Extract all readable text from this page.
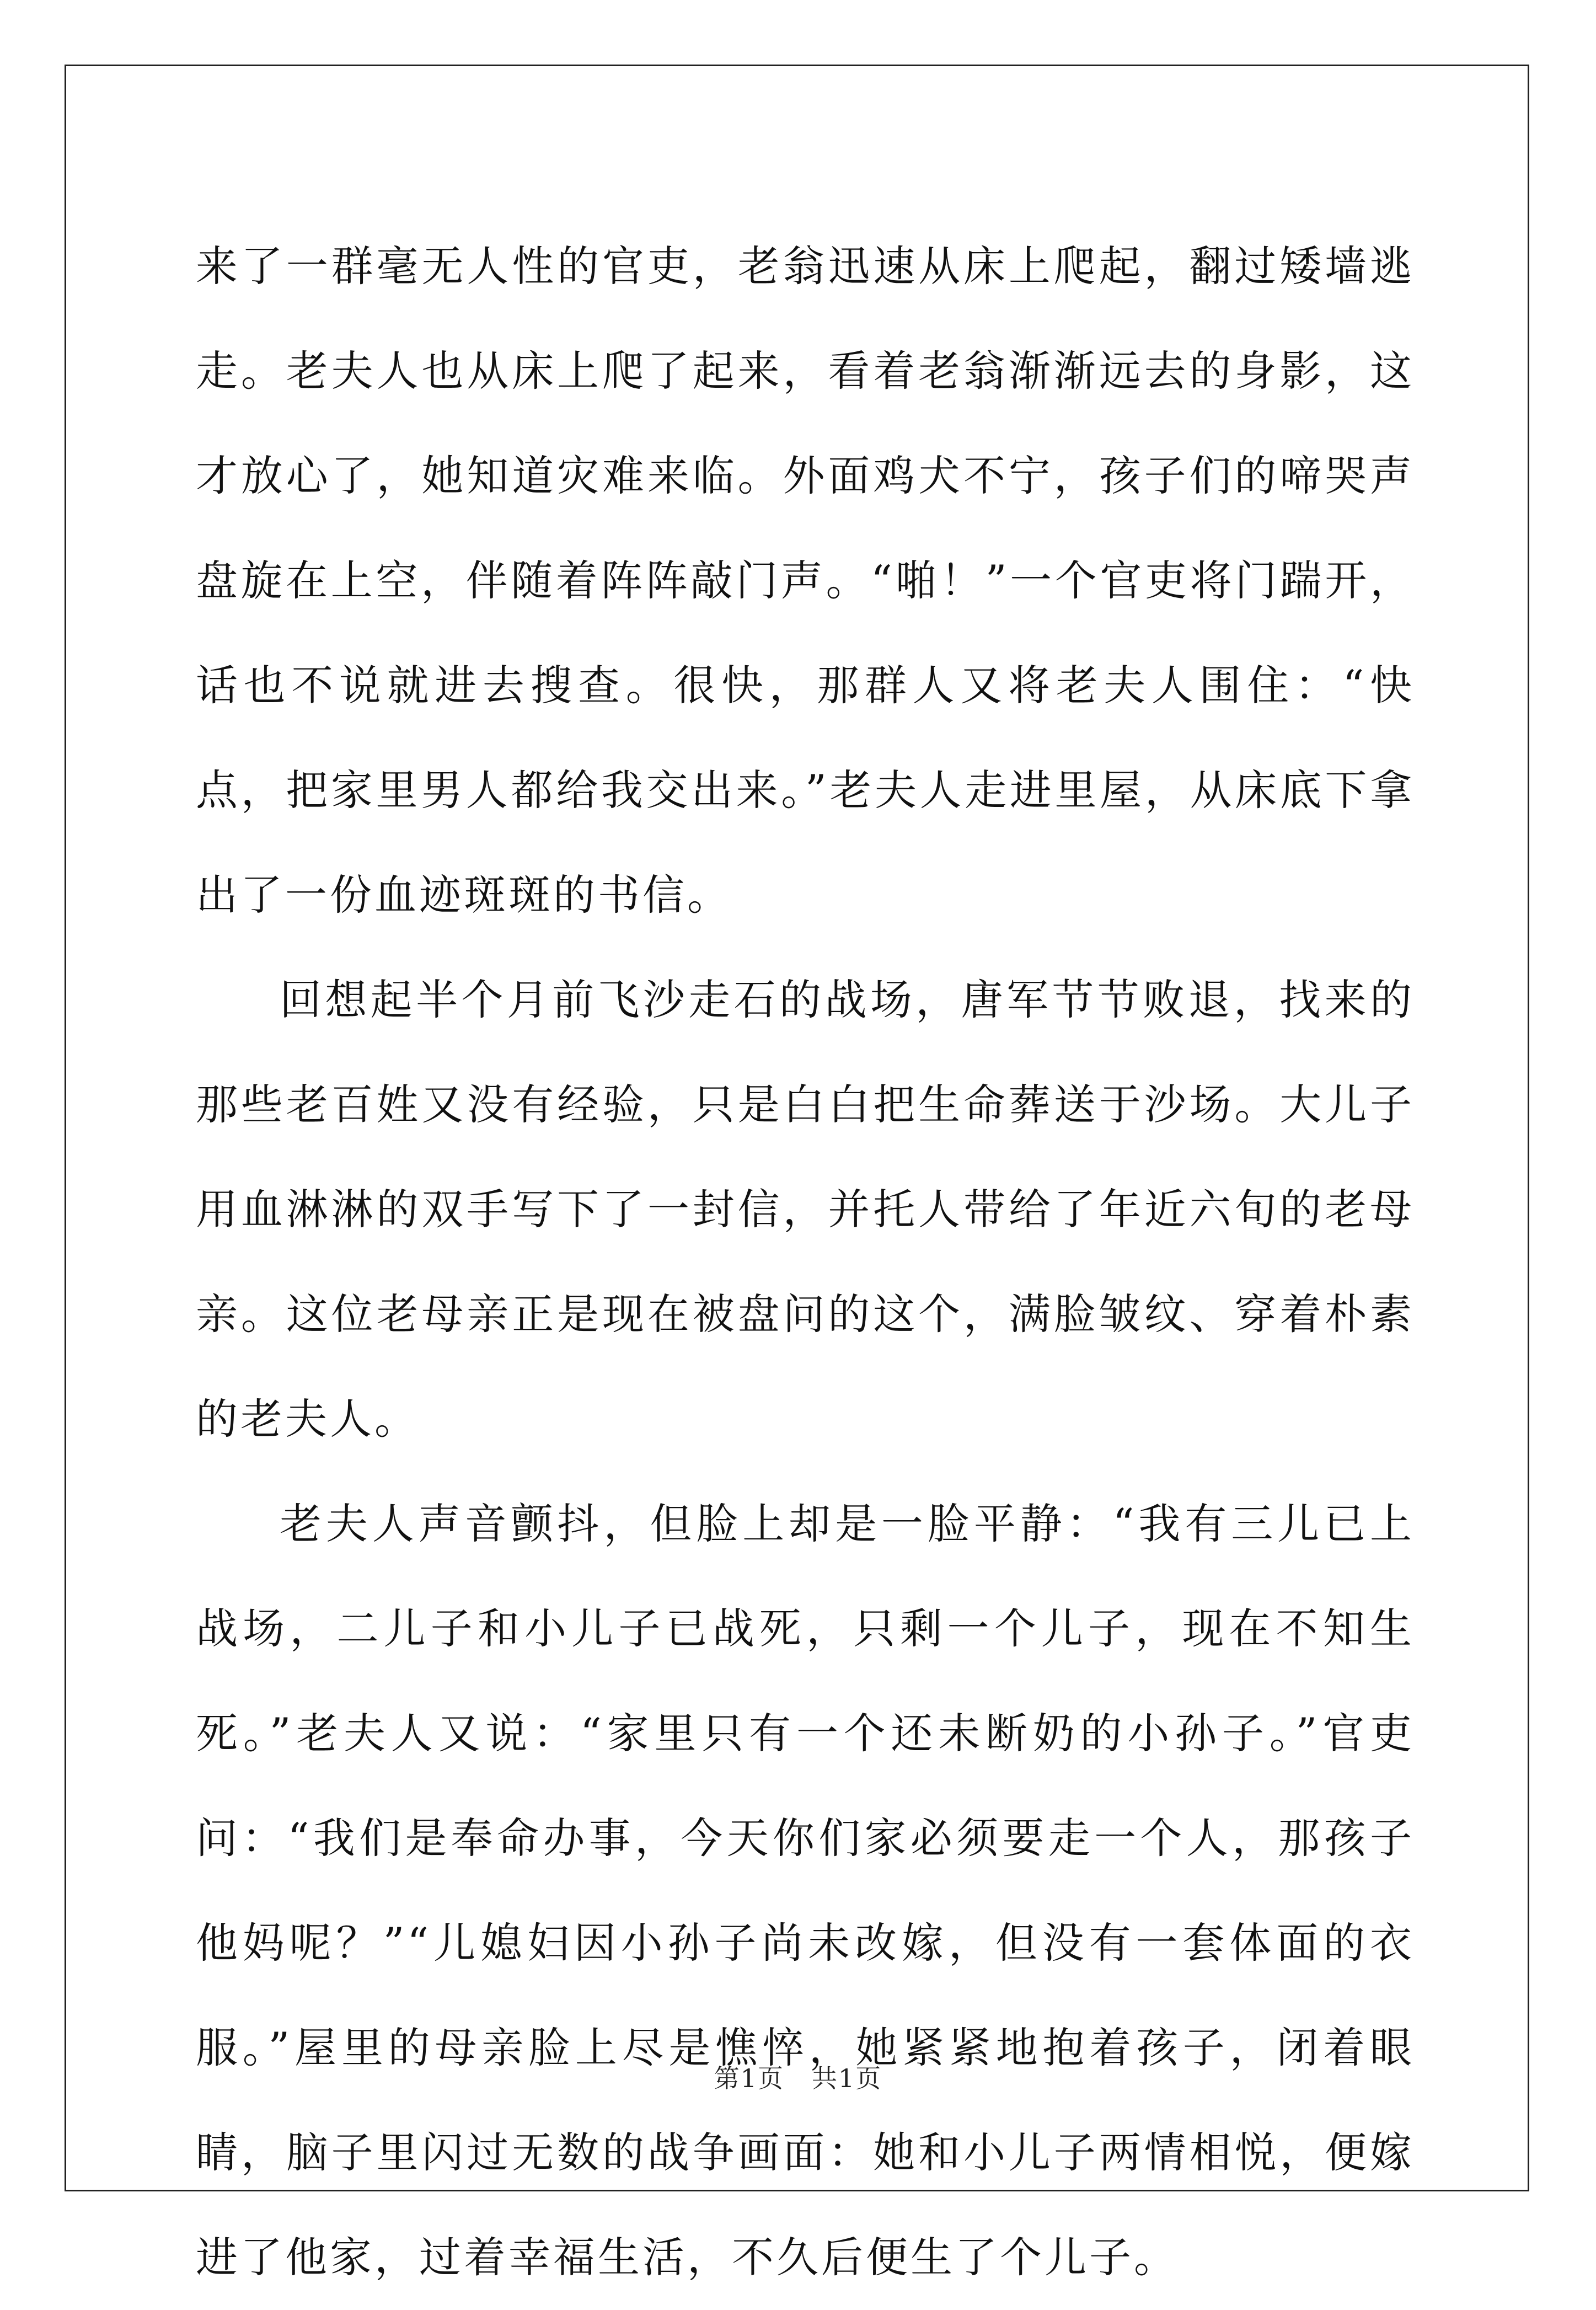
来了一群毫无人性的官吏，老翁迅速从床上爬起，翻过矮墙逃走。老夫人也从床上爬了起来，看着老翁渐渐远去的身影，这才放心了，她知道灾难来临。外面鸡犬不宁，孩子们的啼哭声盘旋在上空，伴随着阵阵敲门声。“啪！”一个官吏将门踹开，话也不说就进去搜查。很快，那群人又将老夫人围住：“快点，把家里男人都给我交出来。”老夫人走进里屋，从床底下拿出了一份血迹斑斑的书信。

回想起半个月前飞沙走石的战场，唐军节节败退，找来的那些老百姓又没有经验，只是白白把生命葬送于沙场。大儿子用血淋淋的双手写下了一封信，并托人带给了年近六旬的老母亲。这位老母亲正是现在被盘问的这个，满脸皱纹、穿着朴素的老夫人。

老夫人声音颤抖，但脸上却是一脸平静：“我有三儿已上战场，二儿子和小儿子已战死，只剩一个儿子，现在不知生死。”老夫人又说：“家里只有一个还未断奶的小孙子。”官吏问：“我们是奉命办事，今天你们家必须要走一个人，那孩子他妈呢？”“儿媳妇因小孙子尚未改嫁，但没有一套体面的衣服。”屋里的母亲脸上尽是憔悴，她紧紧地抱着孩子，闭着眼睛，脑子里闪过无数的战争画面：她和小儿子两情相悦，便嫁进了他家，过着幸福生活，不久后便生了个儿子。

第1页 共1页
